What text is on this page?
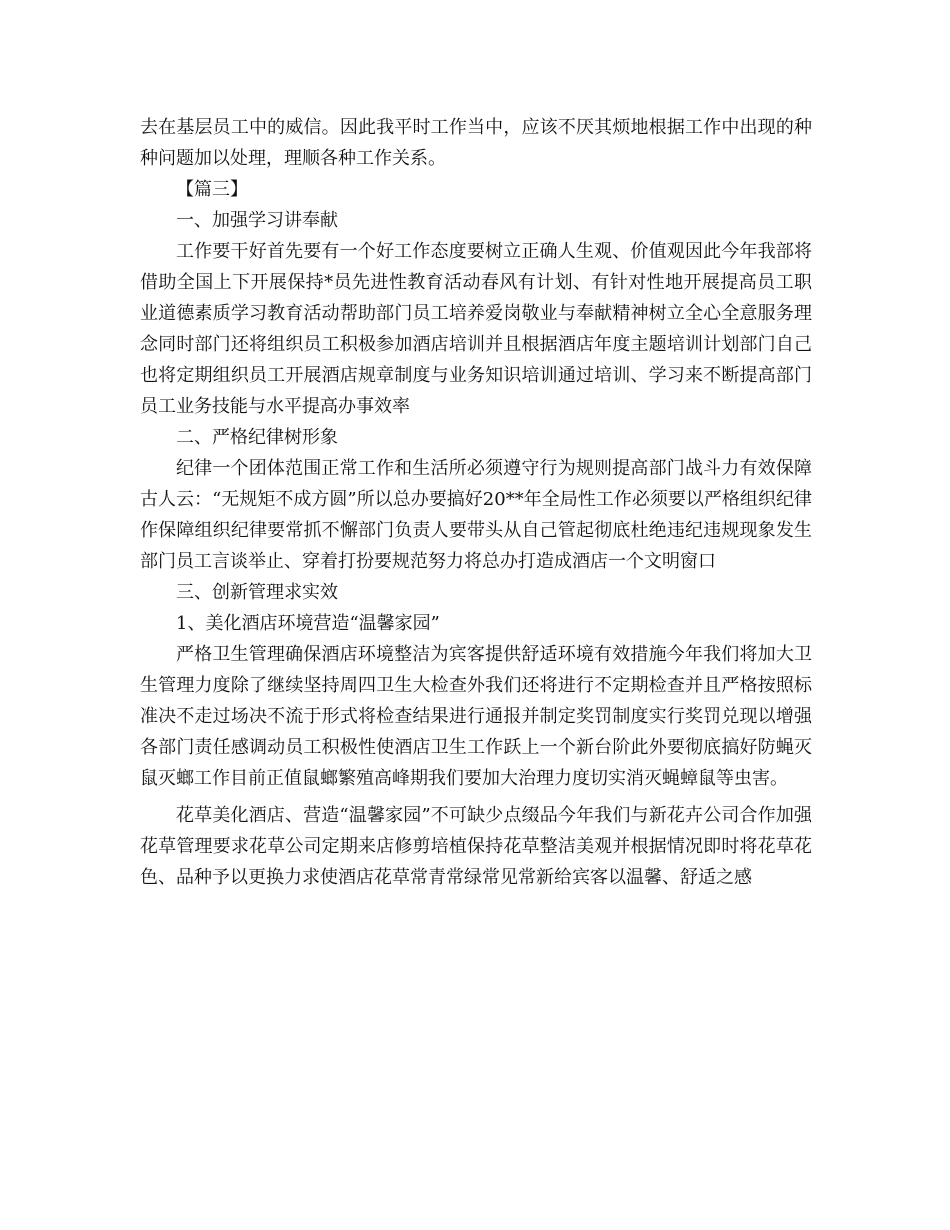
去在基层员工中的威信。因此我平时工作当中，应该不厌其烦地根据工作中出现的种种问题加以处理，理顺各种工作关系。

【篇三】

一、加强学习讲奉献

工作要干好首先要有一个好工作态度要树立正确人生观、价值观因此今年我部将借助全国上下开展保持*员先进性教育活动春风有计划、有针对性地开展提高员工职业道德素质学习教育活动帮助部门员工培养爱岗敬业与奉献精神树立全心全意服务理念同时部门还将组织员工积极参加酒店培训并且根据酒店年度主题培训计划部门自己也将定期组织员工开展酒店规章制度与业务知识培训通过培训、学习来不断提高部门员工业务技能与水平提高办事效率

二、严格纪律树形象

纪律一个团体范围正常工作和生活所必须遵守行为规则提高部门战斗力有效保障古人云：“无规矩不成方圆”所以总办要搞好20**年全局性工作必须要以严格组织纪律作保障组织纪律要常抓不懈部门负责人要带头从自己管起彻底杜绝违纪违规现象发生部门员工言谈举止、穿着打扮要规范努力将总办打造成酒店一个文明窗口

三、创新管理求实效

1、美化酒店环境营造“温馨家园”

严格卫生管理确保酒店环境整洁为宾客提供舒适环境有效措施今年我们将加大卫生管理力度除了继续坚持周四卫生大检查外我们还将进行不定期检查并且严格按照标准决不走过场决不流于形式将检查结果进行通报并制定奖罚制度实行奖罚兑现以增强各部门责任感调动员工积极性使酒店卫生工作跃上一个新台阶此外要彻底搞好防蝇灭鼠灭螂工作目前正值鼠螂繁殖高峰期我们要加大治理力度切实消灭蝇蟑鼠等虫害。

花草美化酒店、营造“温馨家园”不可缺少点缀品今年我们与新花卉公司合作加强花草管理要求花草公司定期来店修剪培植保持花草整洁美观并根据情况即时将花草花色、品种予以更换力求使酒店花草常青常绿常见常新给宾客以温馨、舒适之感
